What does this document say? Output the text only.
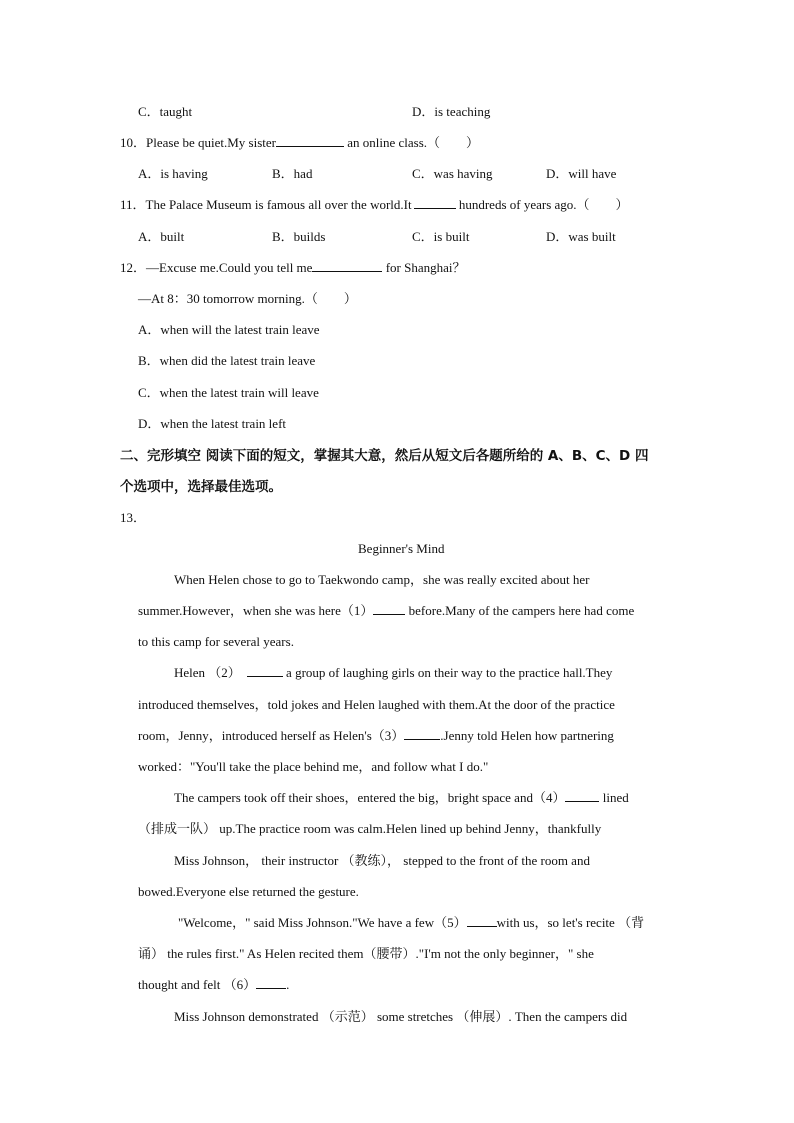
C．taught	D．is teaching
10．Please be quiet.My sister	an online class.（　　）
A．is having	B．had	C．was having	D．will have
11．The Palace Museum is famous all over the world.It	hundreds of years ago.（　　）
A．built	B．builds	C．is built	D．was built
12．—Excuse me.Could you tell me	for Shanghai？
—At 8：30 tomorrow morning.（　　）
A．when will the latest train leave
B．when did the latest train leave
C．when the latest train will leave
D．when the latest train left
二、完形填空 阅读下面的短文，掌握其大意，然后从短文后各题所给的 A、B、C、D 四
个选项中，选择最佳选项。
13．
Beginner's Mind
When Helen chose to go to Taekwondo camp，she was really excited about her
summer.However，when she was here（1） before.Many of the campers here had come
to this camp for several years.
Helen （2）	a group of laughing girls on their way to the practice hall.They
introduced themselves，told jokes and Helen laughed with them.At the door of the practice
room，Jenny，introduced herself as Helen's（3）	.Jenny told Helen how partnering
worked："You'll take the place behind me，and follow what I do."
The campers took off their shoes，entered the big，bright space and（4）	lined
（排成一队） up.The practice room was calm.Helen lined up behind Jenny，thankfully
Miss Johnson， their instructor （教练）， stepped to the front of the room and
bowed.Everyone else returned the gesture.
"Welcome，" said Miss Johnson."We have a few（5） with us，so let's recite （背
诵） the rules first." As Helen recited them（腰带）."I'm not the only beginner，" she
thought and felt （6） .
Miss Johnson demonstrated （示范） some stretches （伸展）. Then the campers did
